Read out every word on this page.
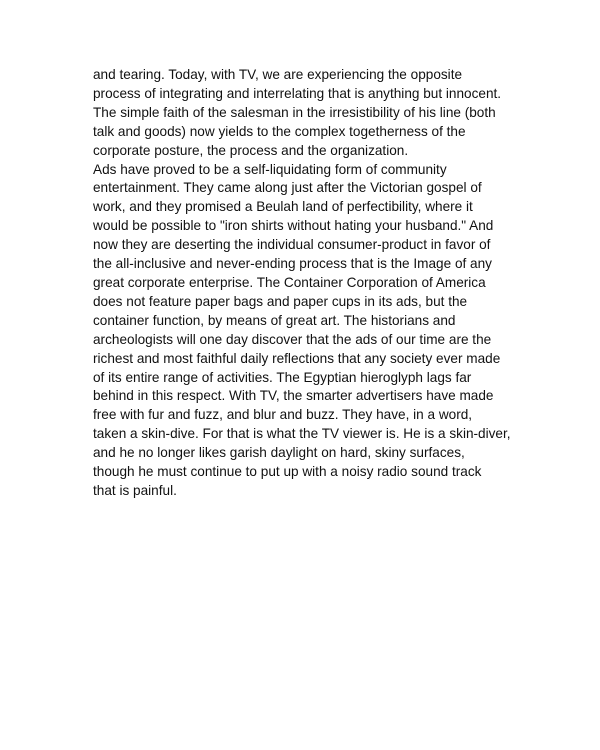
and tearing. Today, with TV, we are experiencing the opposite
process of integrating and interrelating that is anything but innocent.
The simple faith of the salesman in the irresistibility of his line (both
talk and goods) now yields to the complex togetherness of the
corporate posture, the process and the organization.
Ads have proved to be a self-liquidating form of community
entertainment. They came along just after the Victorian gospel of
work, and they promised a Beulah land of perfectibility, where it
would be possible to "iron shirts without hating your husband." And
now they are deserting the individual consumer-product in favor of
the all-inclusive and never-ending process that is the Image of any
great corporate enterprise. The Container Corporation of America
does not feature paper bags and paper cups in its ads, but the
container function, by means of great art. The historians and
archeologists will one day discover that the ads of our time are the
richest and most faithful daily reflections that any society ever made
of its entire range of activities. The Egyptian hieroglyph lags far
behind in this respect. With TV, the smarter advertisers have made
free with fur and fuzz, and blur and buzz. They have, in a word,
taken a skin-dive. For that is what the TV viewer is. He is a skin-diver,
and he no longer likes garish daylight on hard, skiny surfaces,
though he must continue to put up with a noisy radio sound track
that is painful.
